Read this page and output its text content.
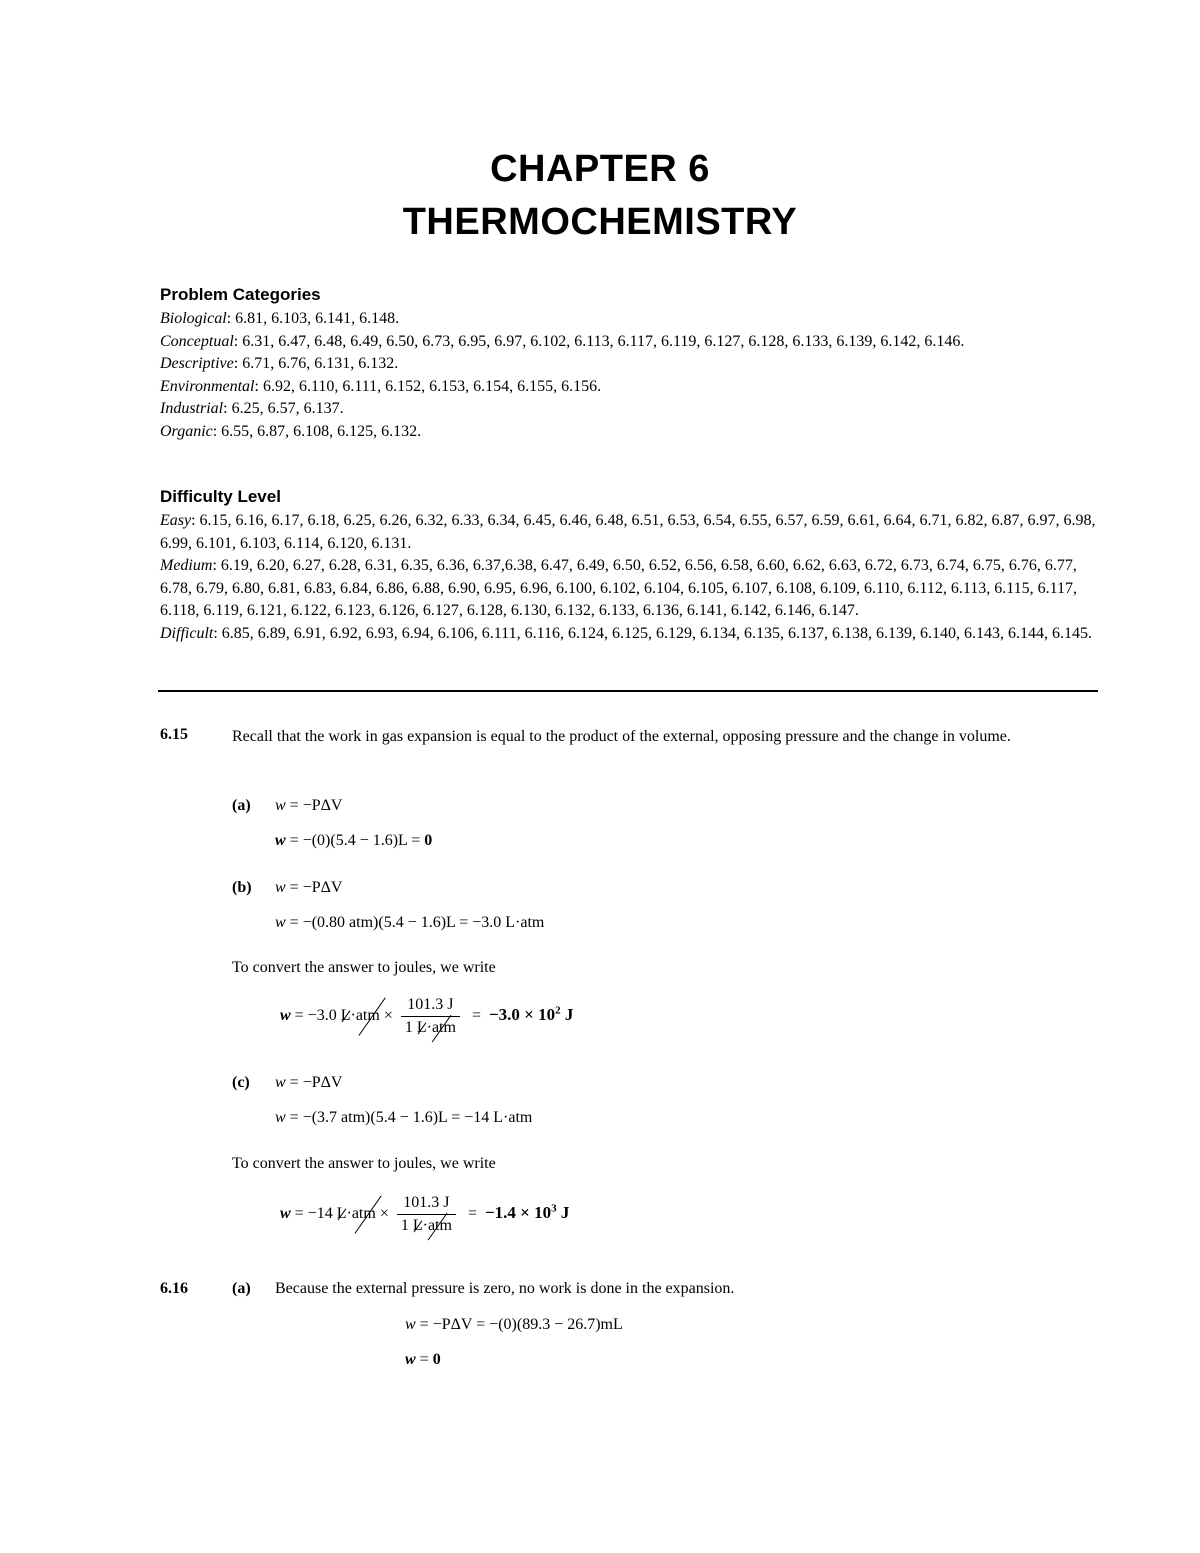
CHAPTER 6
THERMOCHEMISTRY
Problem Categories
Biological: 6.81, 6.103, 6.141, 6.148.
Conceptual: 6.31, 6.47, 6.48, 6.49, 6.50, 6.73, 6.95, 6.97, 6.102, 6.113, 6.117, 6.119, 6.127, 6.128, 6.133, 6.139, 6.142, 6.146.
Descriptive: 6.71, 6.76, 6.131, 6.132.
Environmental: 6.92, 6.110, 6.111, 6.152, 6.153, 6.154, 6.155, 6.156.
Industrial: 6.25, 6.57, 6.137.
Organic: 6.55, 6.87, 6.108, 6.125, 6.132.
Difficulty Level
Easy: 6.15, 6.16, 6.17, 6.18, 6.25, 6.26, 6.32, 6.33, 6.34, 6.45, 6.46, 6.48, 6.51, 6.53, 6.54, 6.55, 6.57, 6.59, 6.61, 6.64, 6.71, 6.82, 6.87, 6.97, 6.98, 6.99, 6.101, 6.103, 6.114, 6.120, 6.131.
Medium: 6.19, 6.20, 6.27, 6.28, 6.31, 6.35, 6.36, 6.37,6.38, 6.47, 6.49, 6.50, 6.52, 6.56, 6.58, 6.60, 6.62, 6.63, 6.72, 6.73, 6.74, 6.75, 6.76, 6.77, 6.78, 6.79, 6.80, 6.81, 6.83, 6.84, 6.86, 6.88, 6.90, 6.95, 6.96, 6.100, 6.102, 6.104, 6.105, 6.107, 6.108, 6.109, 6.110, 6.112, 6.113, 6.115, 6.117, 6.118, 6.119, 6.121, 6.122, 6.123, 6.126, 6.127, 6.128, 6.130, 6.132, 6.133, 6.136, 6.141, 6.142, 6.146, 6.147.
Difficult: 6.85, 6.89, 6.91, 6.92, 6.93, 6.94, 6.106, 6.111, 6.116, 6.124, 6.125, 6.129, 6.134, 6.135, 6.137, 6.138, 6.139, 6.140, 6.143, 6.144, 6.145.
6.15	Recall that the work in gas expansion is equal to the product of the external, opposing pressure and the change in volume.
(a) w = −PΔV
w = −(0)(5.4 − 1.6)L = 0
(b) w = −PΔV
w = −(0.80 atm)(5.4 − 1.6)L = −3.0 L·atm
To convert the answer to joules, we write
w = −3.0 $L\cdot atm \times \frac{101.3 J}{\text{1 L·atm}} = -3.0 \times 10^2$ J
(c) w = −PΔV
w = −(3.7 atm)(5.4 − 1.6)L = −14 L·atm
To convert the answer to joules, we write
w = −14 $L\cdot atm \times \frac{101.3 J}{\text{1 L·atm}} = -1.4 \times 10^3$ J
6.16	(a) Because the external pressure is zero, no work is done in the expansion.
w = −PΔV = −(0)(89.3 − 26.7)mL
w = 0
